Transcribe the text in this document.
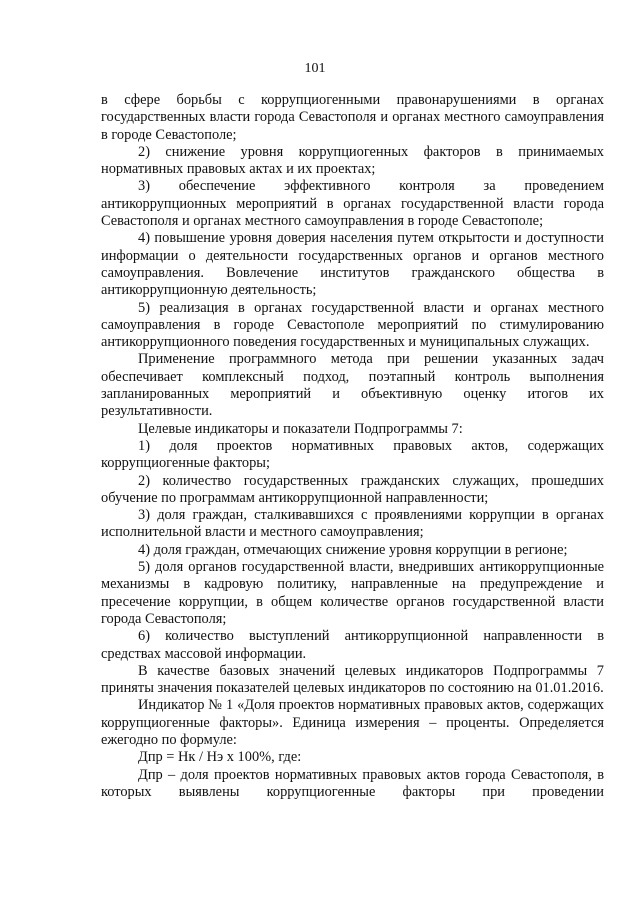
101

в сфере борьбы с коррупциогенными правонарушениями в органах государственных власти города Севастополя и органах местного самоуправления в городе Севастополе;

2) снижение уровня коррупциогенных факторов в принимаемых нормативных правовых актах и их проектах;

3) обеспечение эффективного контроля за проведением антикоррупционных мероприятий в органах государственной власти города Севастополя и органах местного самоуправления в городе Севастополе;

4) повышение уровня доверия населения путем открытости и доступности информации о деятельности государственных органов и органов местного самоуправления. Вовлечение институтов гражданского общества в антикоррупционную деятельность;

5) реализация в органах государственной власти и органах местного самоуправления в городе Севастополе мероприятий по стимулированию антикоррупционного поведения государственных и муниципальных служащих.

Применение программного метода при решении указанных задач обеспечивает комплексный подход, поэтапный контроль выполнения запланированных мероприятий и объективную оценку итогов их результативности.

Целевые индикаторы и показатели Подпрограммы 7:

1) доля проектов нормативных правовых актов, содержащих коррупциогенные факторы;

2) количество государственных гражданских служащих, прошедших обучение по программам антикоррупционной направленности;

3) доля граждан, сталкивавшихся с проявлениями коррупции в органах исполнительной власти и местного самоуправления;

4) доля граждан, отмечающих снижение уровня коррупции в регионе;

5) доля органов государственной власти, внедривших антикоррупционные механизмы в кадровую политику, направленные на предупреждение и пресечение коррупции, в общем количестве органов государственной власти города Севастополя;

6) количество выступлений антикоррупционной направленности в средствах массовой информации.

В качестве базовых значений целевых индикаторов Подпрограммы 7 приняты значения показателей целевых индикаторов по состоянию на 01.01.2016.

Индикатор № 1 «Доля проектов нормативных правовых актов, содержащих коррупциогенные факторы». Единица измерения – проценты. Определяется ежегодно по формуле:

Дпр = Нк / Нэ х 100%, где:

Дпр – доля проектов нормативных правовых актов города Севастополя, в которых выявлены коррупциогенные факторы при проведении
